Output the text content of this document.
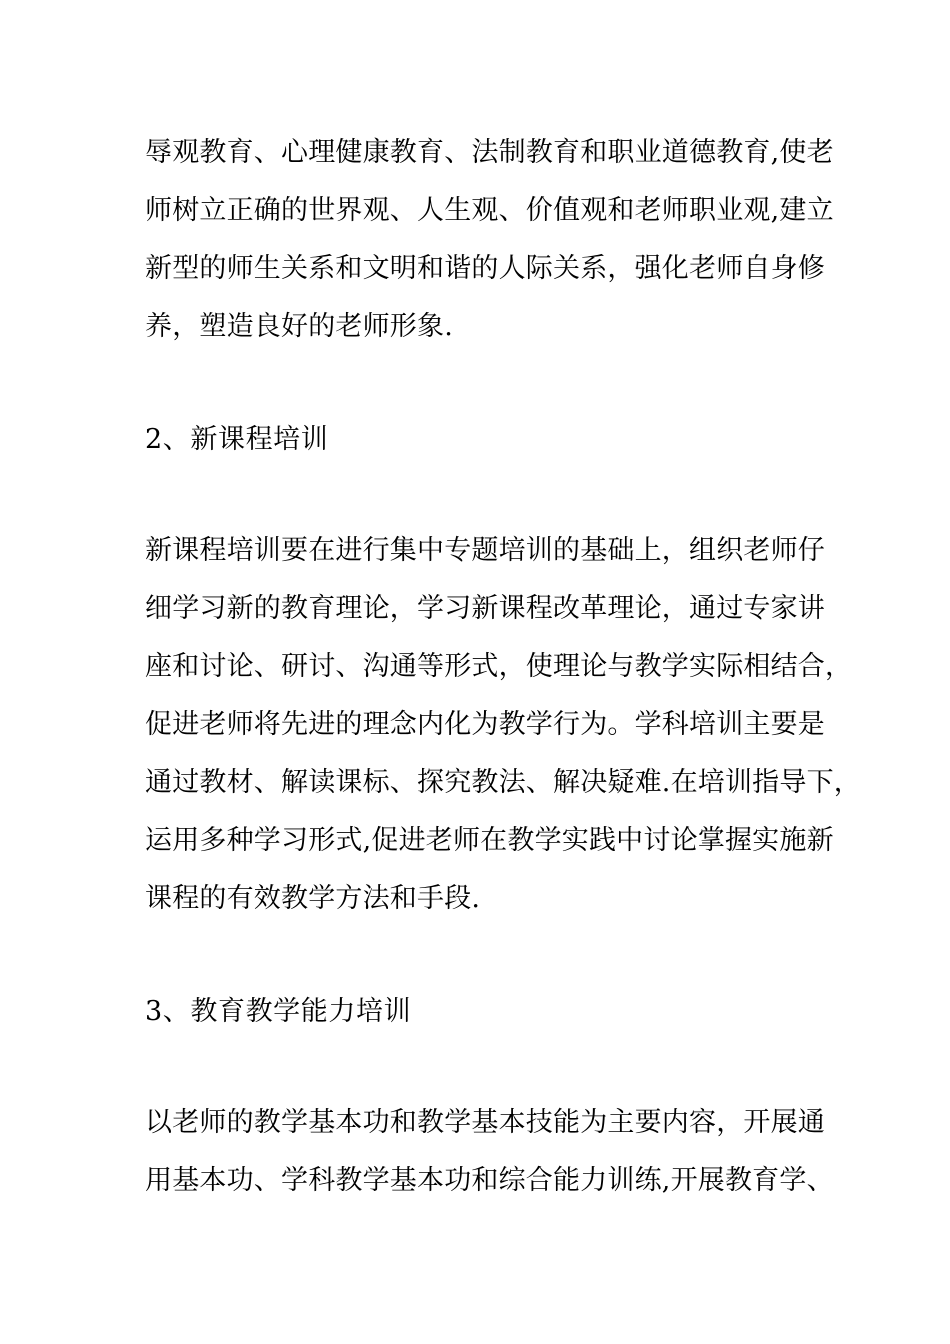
辱观教育、心理健康教育、法制教育和职业道德教育,使老
师树立正确的世界观、人生观、价值观和老师职业观,建立
新型的师生关系和文明和谐的人际关系，强化老师自身修
养，塑造良好的老师形象.
2、新课程培训
新课程培训要在进行集中专题培训的基础上，组织老师仔
细学习新的教育理论，学习新课程改革理论，通过专家讲
座和讨论、研讨、沟通等形式，使理论与教学实际相结合，
促进老师将先进的理念内化为教学行为。学科培训主要是
通过教材、解读课标、探究教法、解决疑难.在培训指导下，
运用多种学习形式,促进老师在教学实践中讨论掌握实施新
课程的有效教学方法和手段.
3、教育教学能力培训
以老师的教学基本功和教学基本技能为主要内容，开展通
用基本功、学科教学基本功和综合能力训练,开展教育学、
